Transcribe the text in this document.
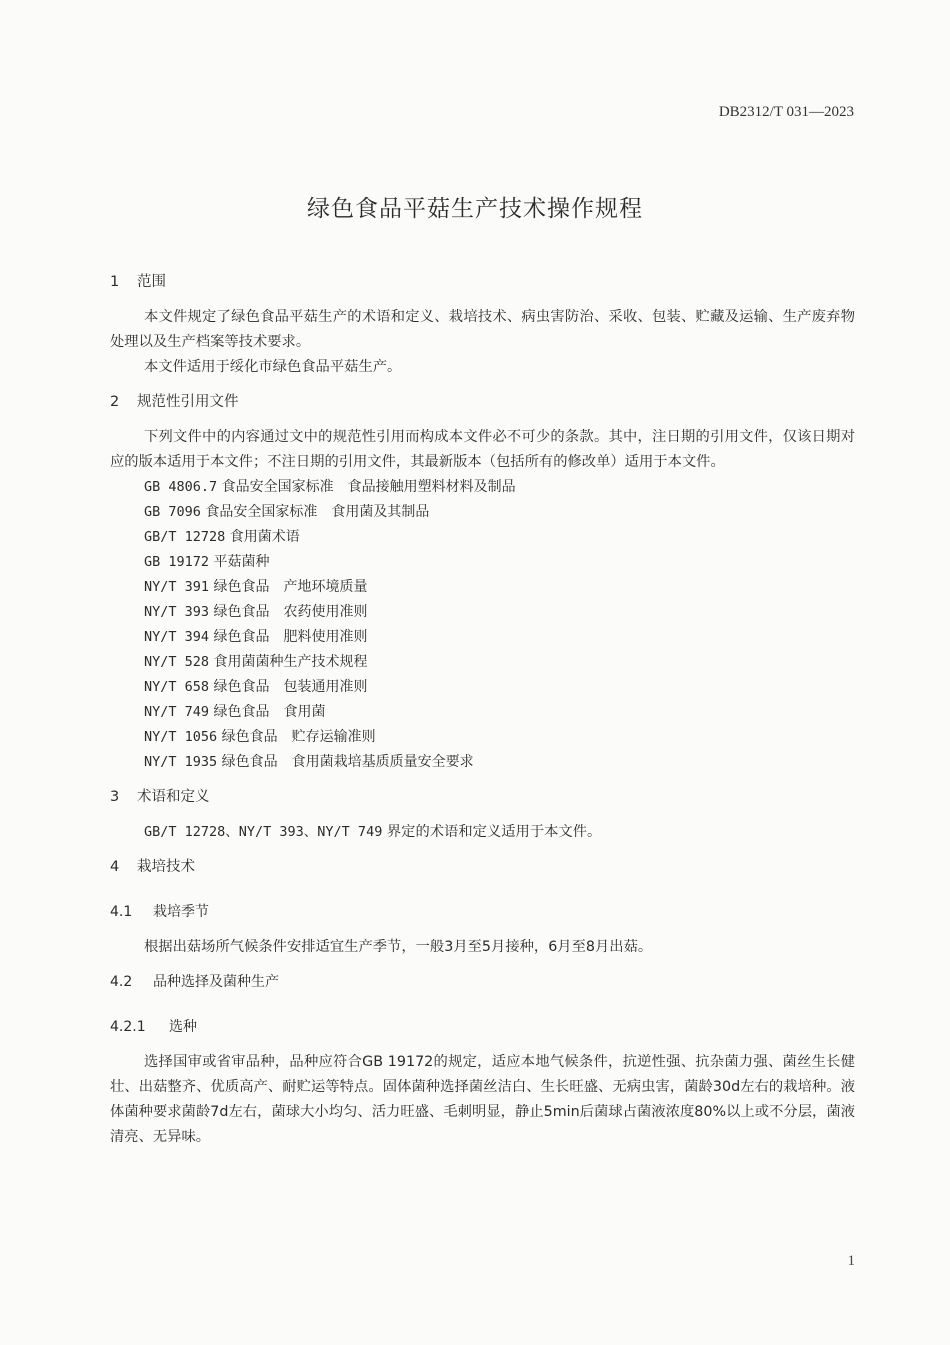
DB2312/T 031—2023
绿色食品平菇生产技术操作规程
1 范围

本文件规定了绿色食品平菇生产的术语和定义、栽培技术、病虫害防治、采收、包装、贮藏及运输、生产废弃物处理以及生产档案等技术要求。

本文件适用于绥化市绿色食品平菇生产。

2 规范性引用文件

下列文件中的内容通过文中的规范性引用而构成本文件必不可少的条款。其中，注日期的引用文件，仅该日期对应的版本适用于本文件；不注日期的引用文件，其最新版本（包括所有的修改单）适用于本文件。

GB 4806.7 食品安全国家标准　食品接触用塑料材料及制品
GB 7096 食品安全国家标准　食用菌及其制品
GB/T 12728 食用菌术语
GB 19172 平菇菌种
NY/T 391 绿色食品　产地环境质量
NY/T 393 绿色食品　农药使用准则
NY/T 394 绿色食品　肥料使用准则
NY/T 528 食用菌菌种生产技术规程
NY/T 658 绿色食品　包装通用准则
NY/T 749 绿色食品　食用菌
NY/T 1056 绿色食品　贮存运输准则
NY/T 1935 绿色食品　食用菌栽培基质质量安全要求
3 术语和定义

GB/T 12728、NY/T 393、NY/T 749 界定的术语和定义适用于本文件。

4 栽培技术
4.1 栽培季节

根据出菇场所气候条件安排适宜生产季节，一般3月至5月接种，6月至8月出菇。

4.2 品种选择及菌种生产
4.2.1 选种

选择国审或省审品种，品种应符合GB 19172的规定，适应本地气候条件，抗逆性强、抗杂菌力强、菌丝生长健壮、出菇整齐、优质高产、耐贮运等特点。固体菌种选择菌丝洁白、生长旺盛、无病虫害，菌龄30d左右的栽培种。液体菌种要求菌龄7d左右，菌球大小均匀、活力旺盛、毛刺明显，静止5min后菌球占菌液浓度80%以上或不分层，菌液清亮、无异味。

1
